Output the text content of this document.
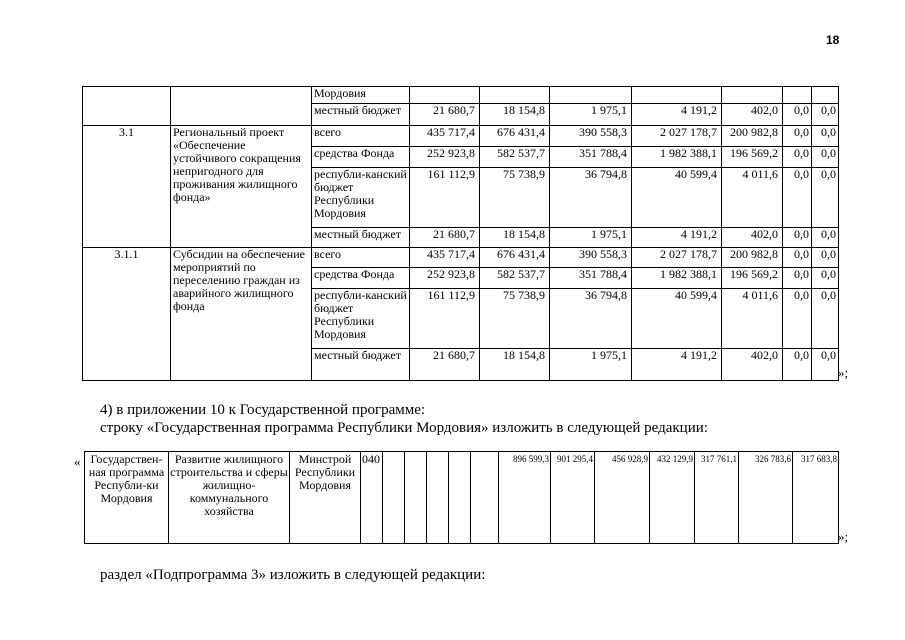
18
		Мордовия							
		местный бюджет	21 680,7	18 154,8	1 975,1	4 191,2	402,0	0,0	0,0
3.1	Региональный проект «Обеспечение устойчивого сокращения непригодного для проживания жилищного фонда»	всего	435 717,4	676 431,4	390 558,3	2 027 178,7	200 982,8	0,0	0,0
		средства Фонда	252 923,8	582 537,7	351 788,4	1 982 388,1	196 569,2	0,0	0,0
		республи-канский бюджет Республики Мордовия	161 112,9	75 738,9	36 794,8	40 599,4	4 011,6	0,0	0,0
		местный бюджет	21 680,7	18 154,8	1 975,1	4 191,2	402,0	0,0	0,0
3.1.1	Субсидии на обеспечение мероприятий по переселению граждан из аварийного жилищного фонда	всего	435 717,4	676 431,4	390 558,3	2 027 178,7	200 982,8	0,0	0,0
		средства Фонда	252 923,8	582 537,7	351 788,4	1 982 388,1	196 569,2	0,0	0,0
		республи-канский бюджет Республики Мордовия	161 112,9	75 738,9	36 794,8	40 599,4	4 011,6	0,0	0,0
		местный бюджет	21 680,7	18 154,8	1 975,1	4 191,2	402,0	0,0	0,0
»;
4) в приложении 10 к Государственной программе:
строку «Государственная программа Республики Мордовия» изложить в следующей редакции:
« Государствен-ная программа Республи-ки Мордовия	Развитие жилищного строительства и сферы жилищно-коммунального хозяйства	Минстрой Республики Мордовия	040						896 599,3	901 295,4	456 928,9	432 129,9	317 761,1	326 783,6	317 683,8
»;
раздел «Подпрограмма 3» изложить в следующей редакции:
